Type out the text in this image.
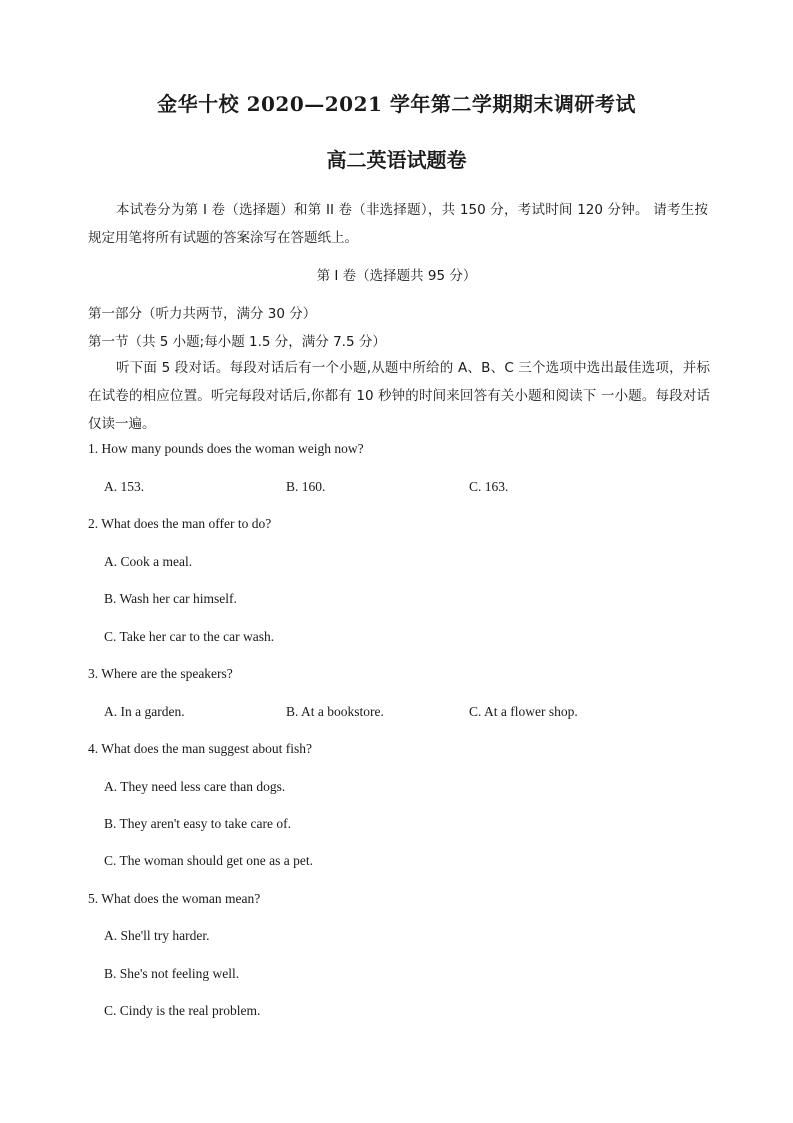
金华十校 2020—2021 学年第二学期期末调研考试
高二英语试题卷
本试卷分为第 I 卷（选择题）和第 II 卷（非选择题），共 150 分，考试时间 120 分钟。 请考生按规定用笔将所有试题的答案涂写在答题纸上。
第 I 卷（选择题共 95 分）
第一部分（听力共两节，满分 30 分）
第一节（共 5 小题;每小题 1.5 分，满分 7.5 分）
听下面 5 段对话。每段对话后有一个小题,从题中所给的 A、B、C 三个选项中选出最佳选项，并标在试卷的相应位置。听完每段对话后,你都有 10 秒钟的时间来回答有关小题和阅读下 一小题。每段对话仅读一遍。
1. How many pounds does the woman weigh now?
A. 153.	B. 160.	C. 163.
2. What does the man offer to do?
A. Cook a meal.
B. Wash her car himself.
C. Take her car to the car wash.
3. Where are the speakers?
A. In a garden.	B. At a bookstore.	C. At a flower shop.
4. What does the man suggest about fish?
A. They need less care than dogs.
B. They aren't easy to take care of.
C. The woman should get one as a pet.
5. What does the woman mean?
A. She'll try harder.
B. She's not feeling well.
C. Cindy is the real problem.
